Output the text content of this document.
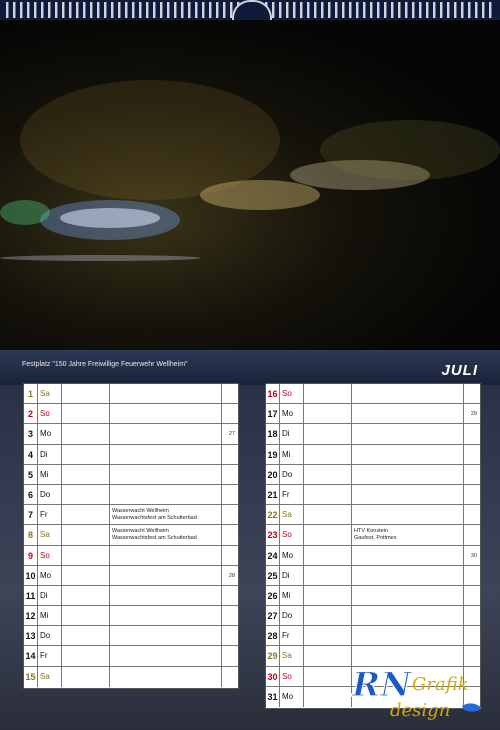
Festplatz "150 Jahre Freiwillige Feuerwehr Wellheim"	JULI
1 Sa
2 So
3 Mo	27
4 Di
5 Mi
6 Do
7 Fr	Wasserwacht Wellheim
Wasserwachtsfest am Schutterbad
8 Sa	Wasserwacht Wellheim
Wasserwachtsfest am Schutterbad
9 So
10 Mo	28
11 Di
12 Mi
13 Do
14 Fr
15 Sa
16 So
17 Mo	29
18 Di
19 Mi
20 Do
21 Fr
22 Sa
23 So	HTV Konstein
Gaufest, Pottmes
24 Mo	30
25 Di
26 Mi
27 Do
28 Fr
29 Sa
30 So
31 Mo	RN Grafik
design
